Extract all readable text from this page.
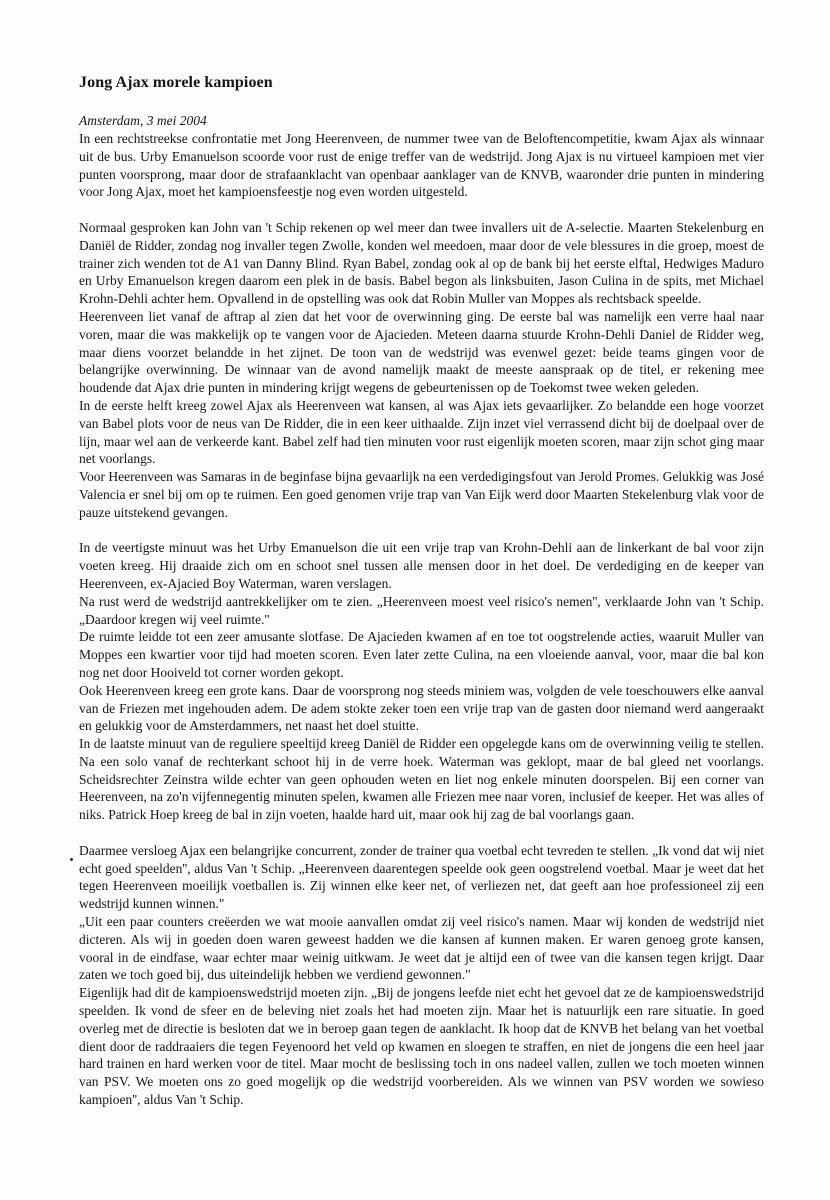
Jong Ajax morele kampioen
Amsterdam, 3 mei 2004

In een rechtstreekse confrontatie met Jong Heerenveen, de nummer twee van de Beloftencompetitie, kwam Ajax als winnaar uit de bus. Urby Emanuelson scoorde voor rust de enige treffer van de wedstrijd. Jong Ajax is nu virtueel kampioen met vier punten voorsprong, maar door de strafaanklacht van openbaar aanklager van de KNVB, waaronder drie punten in mindering voor Jong Ajax, moet het kampioensfeestje nog even worden uitgesteld.

Normaal gesproken kan John van 't Schip rekenen op wel meer dan twee invallers uit de A-selectie. Maarten Stekelenburg en Daniël de Ridder, zondag nog invaller tegen Zwolle, konden wel meedoen, maar door de vele blessures in die groep, moest de trainer zich wenden tot de A1 van Danny Blind. Ryan Babel, zondag ook al op de bank bij het eerste elftal, Hedwiges Maduro en Urby Emanuelson kregen daarom een plek in de basis. Babel begon als linksbuiten, Jason Culina in de spits, met Michael Krohn-Dehli achter hem. Opvallend in de opstelling was ook dat Robin Muller van Moppes als rechtsback speelde.

Heerenveen liet vanaf de aftrap al zien dat het voor de overwinning ging. De eerste bal was namelijk een verre haal naar voren, maar die was makkelijk op te vangen voor de Ajacieden. Meteen daarna stuurde Krohn-Dehli Daniel de Ridder weg, maar diens voorzet belandde in het zijnet. De toon van de wedstrijd was evenwel gezet: beide teams gingen voor de belangrijke overwinning. De winnaar van de avond namelijk maakt de meeste aanspraak op de titel, er rekening mee houdende dat Ajax drie punten in mindering krijgt wegens de gebeurtenissen op de Toekomst twee weken geleden.

In de eerste helft kreeg zowel Ajax als Heerenveen wat kansen, al was Ajax iets gevaarlijker. Zo belandde een hoge voorzet van Babel plots voor de neus van De Ridder, die in een keer uithaalde. Zijn inzet viel verrassend dicht bij de doelpaal over de lijn, maar wel aan de verkeerde kant. Babel zelf had tien minuten voor rust eigenlijk moeten scoren, maar zijn schot ging maar net voorlangs.

Voor Heerenveen was Samaras in de beginfase bijna gevaarlijk na een verdedigingsfout van Jerold Promes. Gelukkig was José Valencia er snel bij om op te ruimen. Een goed genomen vrije trap van Van Eijk werd door Maarten Stekelenburg vlak voor de pauze uitstekend gevangen.

In de veertigste minuut was het Urby Emanuelson die uit een vrije trap van Krohn-Dehli aan de linkerkant de bal voor zijn voeten kreeg. Hij draaide zich om en schoot snel tussen alle mensen door in het doel. De verdediging en de keeper van Heerenveen, ex-Ajacied Boy Waterman, waren verslagen.

Na rust werd de wedstrijd aantrekkelijker om te zien. „Heerenveen moest veel risico's nemen'', verklaarde John van 't Schip. „Daardoor kregen wij veel ruimte.''

De ruimte leidde tot een zeer amusante slotfase. De Ajacieden kwamen af en toe tot oogstrelende acties, waaruit Muller van Moppes een kwartier voor tijd had moeten scoren. Even later zette Culina, na een vloeiende aanval, voor, maar die bal kon nog net door Hooiveld tot corner worden gekopt.

Ook Heerenveen kreeg een grote kans. Daar de voorsprong nog steeds miniem was, volgden de vele toeschouwers elke aanval van de Friezen met ingehouden adem. De adem stokte zeker toen een vrije trap van de gasten door niemand werd aangeraakt en gelukkig voor de Amsterdammers, net naast het doel stuitte.

In de laatste minuut van de reguliere speeltijd kreeg Daniël de Ridder een opgelegde kans om de overwinning veilig te stellen. Na een solo vanaf de rechterkant schoot hij in de verre hoek. Waterman was geklopt, maar de bal gleed net voorlangs. Scheidsrechter Zeinstra wilde echter van geen ophouden weten en liet nog enkele minuten doorspelen. Bij een corner van Heerenveen, na zo'n vijfennegentig minuten spelen, kwamen alle Friezen mee naar voren, inclusief de keeper. Het was alles of niks. Patrick Hoep kreeg de bal in zijn voeten, haalde hard uit, maar ook hij zag de bal voorlangs gaan.

Daarmee versloeg Ajax een belangrijke concurrent, zonder de trainer qua voetbal echt tevreden te stellen. „Ik vond dat wij niet echt goed speelden'', aldus Van 't Schip. „Heerenveen daarentegen speelde ook geen oogstrelend voetbal. Maar je weet dat het tegen Heerenveen moeilijk voetballen is. Zij winnen elke keer net, of verliezen net, dat geeft aan hoe professioneel zij een wedstrijd kunnen winnen."

„Uit een paar counters creëerden we wat mooie aanvallen omdat zij veel risico's namen. Maar wij konden de wedstrijd niet dicteren. Als wij in goeden doen waren geweest hadden we die kansen af kunnen maken. Er waren genoeg grote kansen, vooral in de eindfase, waar echter maar weinig uitkwam. Je weet dat je altijd een of twee van die kansen tegen krijgt. Daar zaten we toch goed bij, dus uiteindelijk hebben we verdiend gewonnen."

Eigenlijk had dit de kampioenswedstrijd moeten zijn. „Bij de jongens leefde niet echt het gevoel dat ze de kampioenswedstrijd speelden. Ik vond de sfeer en de beleving niet zoals het had moeten zijn. Maar het is natuurlijk een rare situatie. In goed overleg met de directie is besloten dat we in beroep gaan tegen de aanklacht. Ik hoop dat de KNVB het belang van het voetbal dient door de raddraaiers die tegen Feyenoord het veld op kwamen en sloegen te straffen, en niet de jongens die een heel jaar hard trainen en hard werken voor de titel. Maar mocht de beslissing toch in ons nadeel vallen, zullen we toch moeten winnen van PSV. We moeten ons zo goed mogelijk op die wedstrijd voorbereiden. Als we winnen van PSV worden we sowieso kampioen'', aldus Van 't Schip.
